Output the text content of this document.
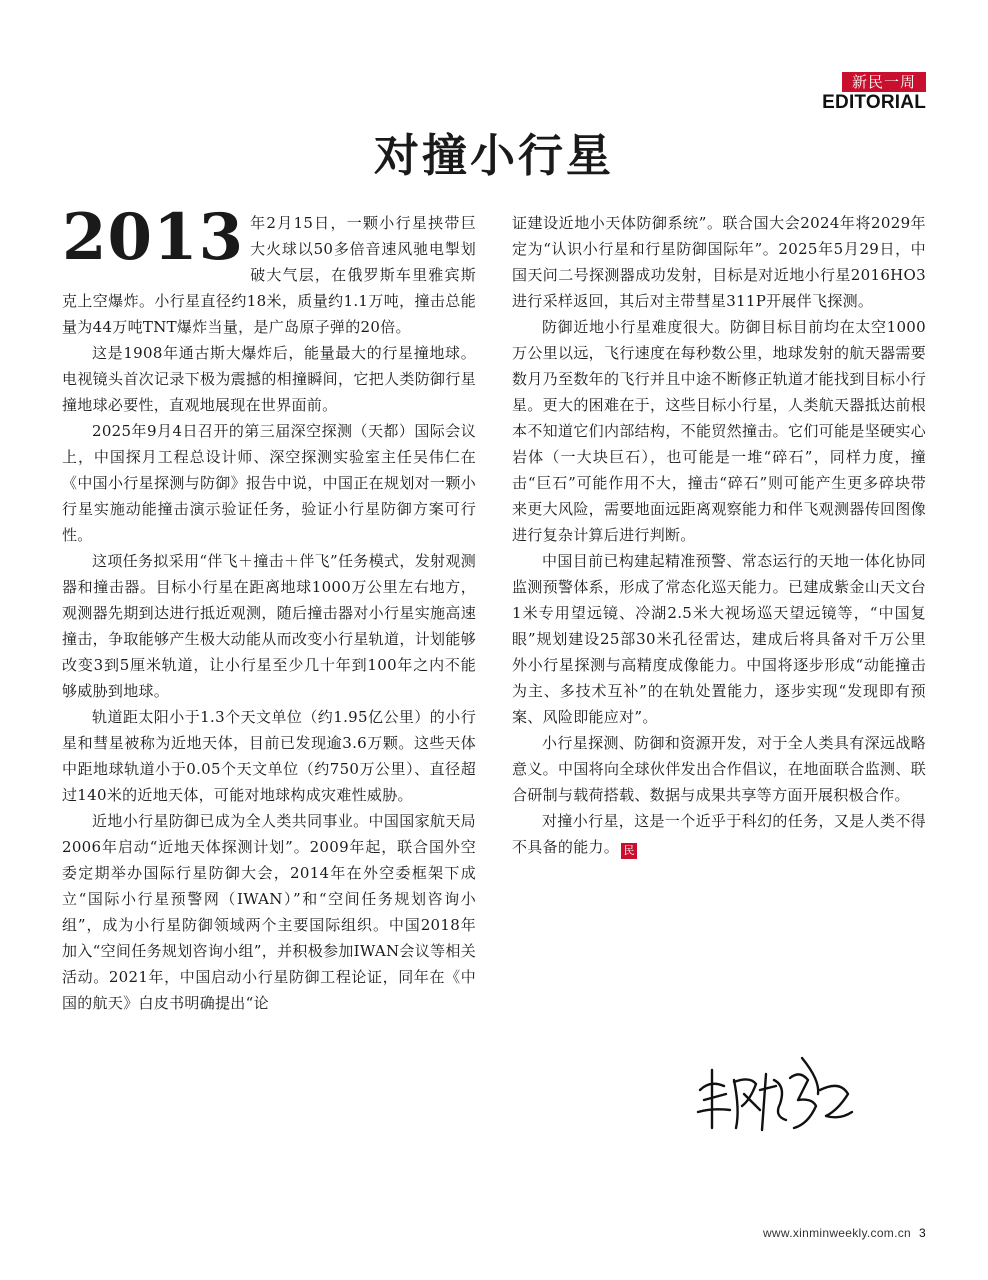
新民一周
EDITORIAL
对撞小行星

2013 年2月15日，一颗小行星挟带巨大火球以50多倍音速风驰电掣划破大气层，在俄罗斯车里雅宾斯克上空爆炸。小行星直径约18米，质量约1.1万吨，撞击总能量为44万吨TNT爆炸当量，是广岛原子弹的20倍。

这是1908年通古斯大爆炸后，能量最大的行星撞地球。电视镜头首次记录下极为震撼的相撞瞬间，它把人类防御行星撞地球必要性，直观地展现在世界面前。

2025年9月4日召开的第三届深空探测（天都）国际会议上，中国探月工程总设计师、深空探测实验室主任吴伟仁在《中国小行星探测与防御》报告中说，中国正在规划对一颗小行星实施动能撞击演示验证任务，验证小行星防御方案可行性。

这项任务拟采用“伴飞＋撞击＋伴飞”任务模式，发射观测器和撞击器。目标小行星在距离地球1000万公里左右地方，观测器先期到达进行抵近观测，随后撞击器对小行星实施高速撞击，争取能够产生极大动能从而改变小行星轨道，计划能够改变3到5厘米轨道，让小行星至少几十年到100年之内不能够威胁到地球。

轨道距太阳小于1.3个天文单位（约1.95亿公里）的小行星和彗星被称为近地天体，目前已发现逾3.6万颗。这些天体中距地球轨道小于0.05个天文单位（约750万公里）、直径超过140米的近地天体，可能对地球构成灾难性威胁。

近地小行星防御已成为全人类共同事业。中国国家航天局2006年启动“近地天体探测计划”。2009年起，联合国外空委定期举办国际行星防御大会，2014年在外空委框架下成立“国际小行星预警网（IWAN）”和“空间任务规划咨询小组”，成为小行星防御领域两个主要国际组织。中国2018年加入“空间任务规划咨询小组”，并积极参加IWAN会议等相关活动。2021年，中国启动小行星防御工程论证，同年在《中国的航天》白皮书明确提出“论

证建设近地小天体防御系统”。联合国大会2024年将2029年定为“认识小行星和行星防御国际年”。2025年5月29日，中国天问二号探测器成功发射，目标是对近地小行星2016HO3进行采样返回，其后对主带彗星311P开展伴飞探测。

防御近地小行星难度很大。防御目标目前均在太空1000万公里以远，飞行速度在每秒数公里，地球发射的航天器需要数月乃至数年的飞行并且中途不断修正轨道才能找到目标小行星。更大的困难在于，这些目标小行星，人类航天器抵达前根本不知道它们内部结构，不能贸然撞击。它们可能是坚硬实心岩体（一大块巨石），也可能是一堆“碎石”，同样力度，撞击“巨石”可能作用不大，撞击“碎石”则可能产生更多碎块带来更大风险，需要地面远距离观察能力和伴飞观测器传回图像进行复杂计算后进行判断。

中国目前已构建起精准预警、常态运行的天地一体化协同监测预警体系，形成了常态化巡天能力。已建成紫金山天文台1米专用望远镜、冷湖2.5米大视场巡天望远镜等，“中国复眼”规划建设25部30米孔径雷达，建成后将具备对千万公里外小行星探测与高精度成像能力。中国将逐步形成“动能撞击为主、多技术互补”的在轨处置能力，逐步实现“发现即有预案、风险即能应对”。

小行星探测、防御和资源开发，对于全人类具有深远战略意义。中国将向全球伙伴发出合作倡议，在地面联合监测、联合研制与载荷搭载、数据与成果共享等方面开展积极合作。

对撞小行星，这是一个近乎于科幻的任务，又是人类不得不具备的能力。 民

www.xinminweekly.com.cn 3
